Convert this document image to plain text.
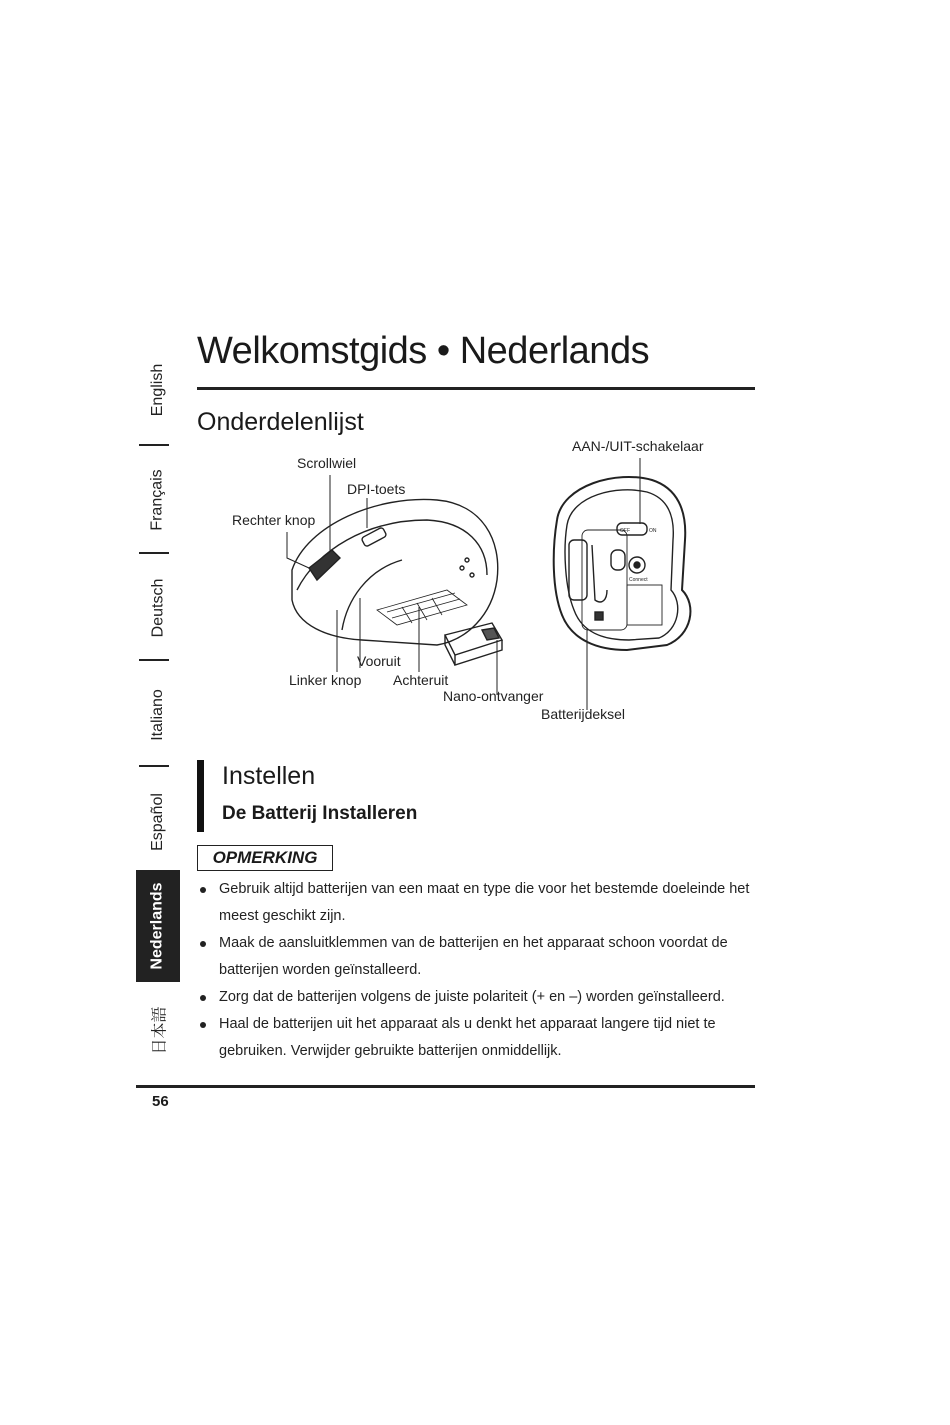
English
Français
Deutsch
Italiano
Español
Nederlands
日本語
Welkomstgids • Nederlands
Onderdelenlijst
OFF	ON
Connect
Scrollwiel
DPI-toets
Rechter knop
Vooruit
Linker knop Achteruit
Nano-ontvanger
AAN-/UIT-schakelaar
Batterijdeksel
Instellen
De Batterij Installeren
OPMERKING
Gebruik altijd batterijen van een maat en type die voor het bestemde doeleinde het meest geschikt zijn.
Maak de aansluitklemmen van de batterijen en het apparaat schoon voordat de batterijen worden geïnstalleerd.
Zorg dat de batterijen volgens de juiste polariteit (+ en –) worden geïnstalleerd.
Haal de batterijen uit het apparaat als u denkt het apparaat langere tijd niet te gebruiken. Verwijder gebruikte batterijen onmiddellijk.
56
